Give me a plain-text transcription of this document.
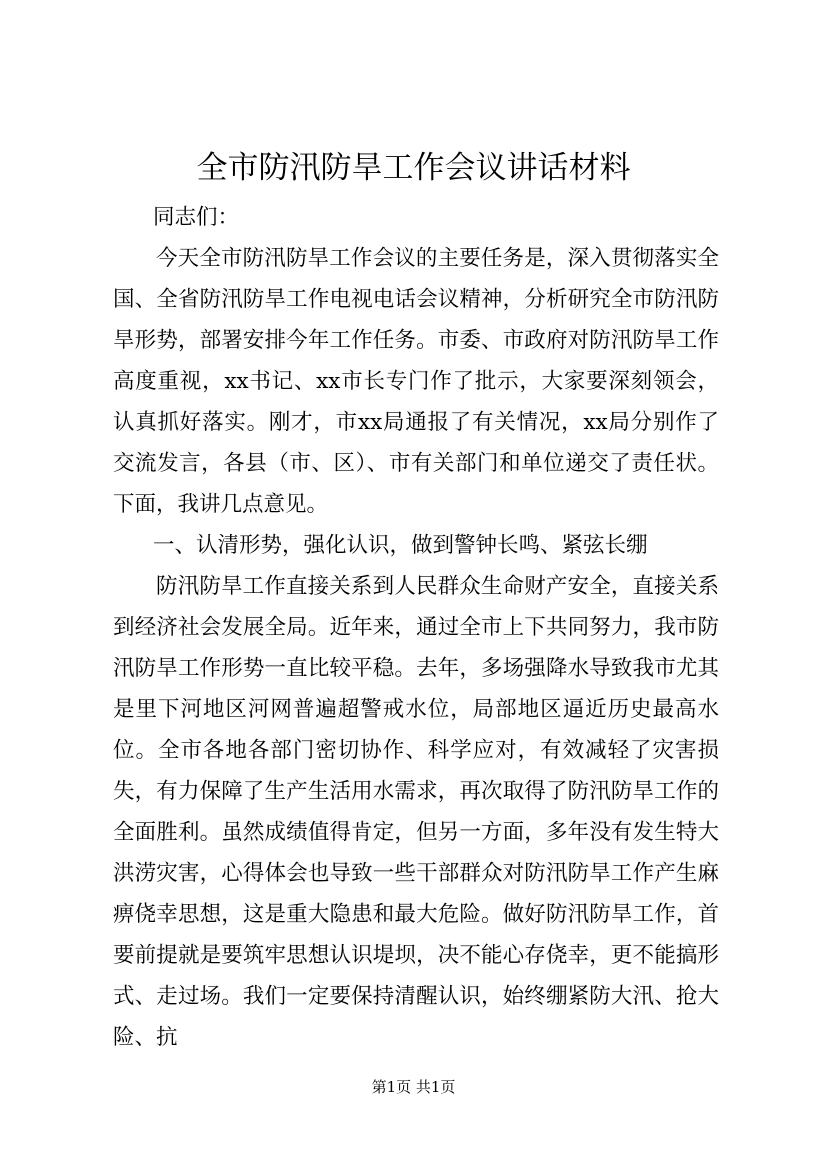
全市防汛防旱工作会议讲话材料

同志们：

今天全市防汛防旱工作会议的主要任务是，深入贯彻落实全国、全省防汛防旱工作电视电话会议精神，分析研究全市防汛防旱形势，部署安排今年工作任务。市委、市政府对防汛防旱工作高度重视，xx书记、xx市长专门作了批示，大家要深刻领会，认真抓好落实。刚才，市xx局通报了有关情况，xx局分别作了交流发言，各县（市、区）、市有关部门和单位递交了责任状。下面，我讲几点意见。

一、认清形势，强化认识，做到警钟长鸣、紧弦长绷

防汛防旱工作直接关系到人民群众生命财产安全，直接关系到经济社会发展全局。近年来，通过全市上下共同努力，我市防汛防旱工作形势一直比较平稳。去年，多场强降水导致我市尤其是里下河地区河网普遍超警戒水位，局部地区逼近历史最高水位。全市各地各部门密切协作、科学应对，有效减轻了灾害损失，有力保障了生产生活用水需求，再次取得了防汛防旱工作的全面胜利。虽然成绩值得肯定，但另一方面，多年没有发生特大洪涝灾害，心得体会也导致一些干部群众对防汛防旱工作产生麻痹侥幸思想，这是重大隐患和最大危险。做好防汛防旱工作，首要前提就是要筑牢思想认识堤坝，决不能心存侥幸，更不能搞形式、走过场。我们一定要保持清醒认识，始终绷紧防大汛、抢大险、抗

第1页 共1页
